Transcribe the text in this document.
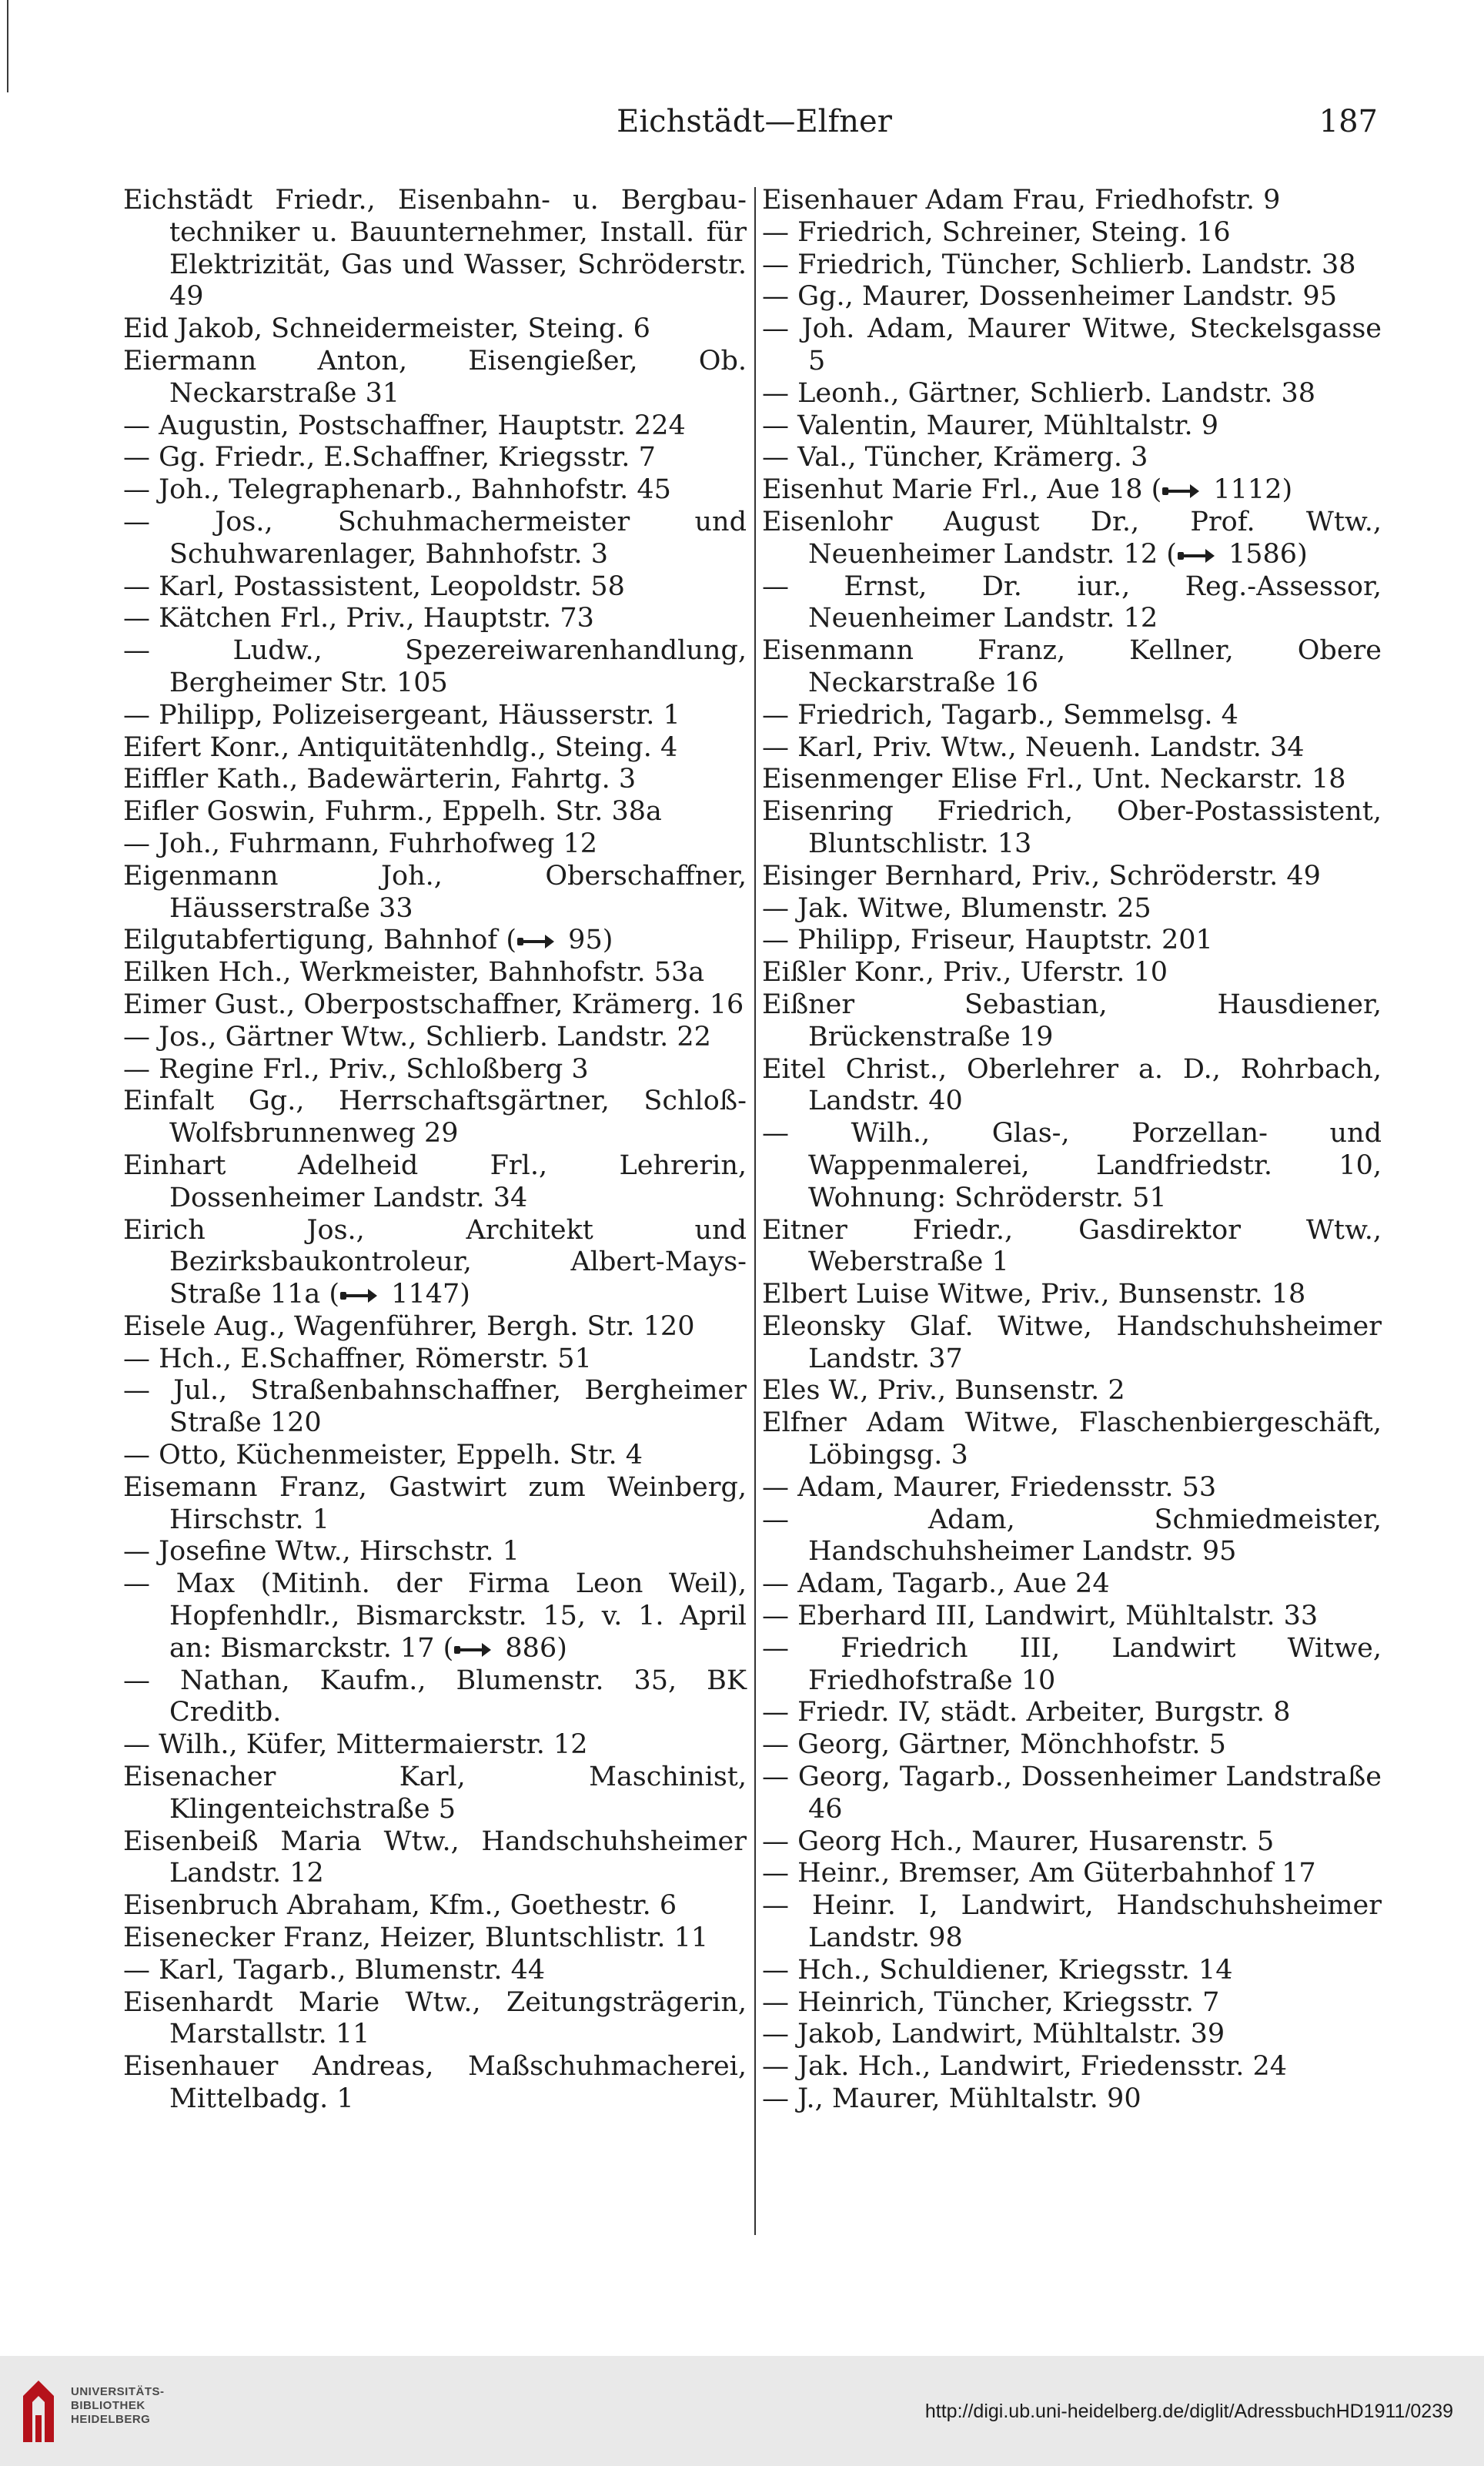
Eichstädt—Elfner	187
Eichstädt Friedr., Eisenbahn- u. Bergbau-techniker u. Bauunternehmer, Install. für Elektrizität, Gas und Wasser, Schröderstr. 49
Eid Jakob, Schneidermeister, Steing. 6
Eiermann Anton, Eisengießer, Ob. Neckarstraße 31
— Augustin, Postschaffner, Hauptstr. 224
— Gg. Friedr., E.Schaffner, Kriegsstr. 7
— Joh., Telegraphenarb., Bahnhofstr. 45
— Jos., Schuhmachermeister und Schuhwarenlager, Bahnhofstr. 3
— Karl, Postassistent, Leopoldstr. 58
— Kätchen Frl., Priv., Hauptstr. 73
— Ludw., Spezereiwarenhandlung, Bergheimer Str. 105
— Philipp, Polizeisergeant, Häusserstr. 1
Eifert Konr., Antiquitätenhdlg., Steing. 4
Eiffler Kath., Badewärterin, Fahrtg. 3
Eifler Goswin, Fuhrm., Eppelh. Str. 38a
— Joh., Fuhrmann, Fuhrhofweg 12
Eigenmann Joh., Oberschaffner, Häusserstraße 33
Eilgutabfertigung, Bahnhof ( 95)
Eilken Hch., Werkmeister, Bahnhofstr. 53a
Eimer Gust., Oberpostschaffner, Krämerg. 16
— Jos., Gärtner Wtw., Schlierb. Landstr. 22
— Regine Frl., Priv., Schloßberg 3
Einfalt Gg., Herrschaftsgärtner, Schloß-Wolfsbrunnenweg 29
Einhart Adelheid Frl., Lehrerin, Dossenheimer Landstr. 34
Eirich Jos., Architekt und Bezirksbaukontroleur, Albert-Mays-Straße 11a ( 1147)
Eisele Aug., Wagenführer, Bergh. Str. 120
— Hch., E.Schaffner, Römerstr. 51
— Jul., Straßenbahnschaffner, Bergheimer Straße 120
— Otto, Küchenmeister, Eppelh. Str. 4
Eisemann Franz, Gastwirt zum Weinberg, Hirschstr. 1
— Josefine Wtw., Hirschstr. 1
— Max (Mitinh. der Firma Leon Weil), Hopfenhdlr., Bismarckstr. 15, v. 1. April an: Bismarckstr. 17 ( 886)
— Nathan, Kaufm., Blumenstr. 35, BK Creditb.
— Wilh., Küfer, Mittermaierstr. 12
Eisenacher Karl, Maschinist, Klingenteichstraße 5
Eisenbeiß Maria Wtw., Handschuhsheimer Landstr. 12
Eisenbruch Abraham, Kfm., Goethestr. 6
Eisenecker Franz, Heizer, Bluntschlistr. 11
— Karl, Tagarb., Blumenstr. 44
Eisenhardt Marie Wtw., Zeitungsträgerin, Marstallstr. 11
Eisenhauer Andreas, Maßschuhmacherei, Mittelbadg. 1
Eisenhauer Adam Frau, Friedhofstr. 9
— Friedrich, Schreiner, Steing. 16
— Friedrich, Tüncher, Schlierb. Landstr. 38
— Gg., Maurer, Dossenheimer Landstr. 95
— Joh. Adam, Maurer Witwe, Steckelsgasse 5
— Leonh., Gärtner, Schlierb. Landstr. 38
— Valentin, Maurer, Mühltalstr. 9
— Val., Tüncher, Krämerg. 3
Eisenhut Marie Frl., Aue 18 ( 1112)
Eisenlohr August Dr., Prof. Wtw., Neuenheimer Landstr. 12 ( 1586)
— Ernst, Dr. iur., Reg.-Assessor, Neuenheimer Landstr. 12
Eisenmann Franz, Kellner, Obere Neckarstraße 16
— Friedrich, Tagarb., Semmelsg. 4
— Karl, Priv. Wtw., Neuenh. Landstr. 34
Eisenmenger Elise Frl., Unt. Neckarstr. 18
Eisenring Friedrich, Ober-Postassistent, Bluntschlistr. 13
Eisinger Bernhard, Priv., Schröderstr. 49
— Jak. Witwe, Blumenstr. 25
— Philipp, Friseur, Hauptstr. 201
Eißler Konr., Priv., Uferstr. 10
Eißner Sebastian, Hausdiener, Brückenstraße 19
Eitel Christ., Oberlehrer a. D., Rohrbach, Landstr. 40
— Wilh., Glas-, Porzellan- und Wappenmalerei, Landfriedstr. 10, Wohnung: Schröderstr. 51
Eitner Friedr., Gasdirektor Wtw., Weberstraße 1
Elbert Luise Witwe, Priv., Bunsenstr. 18
Eleonsky Glaf. Witwe, Handschuhsheimer Landstr. 37
Eles W., Priv., Bunsenstr. 2
Elfner Adam Witwe, Flaschenbiergeschäft, Löbingsg. 3
— Adam, Maurer, Friedensstr. 53
— Adam, Schmiedmeister, Handschuhsheimer Landstr. 95
— Adam, Tagarb., Aue 24
— Eberhard III, Landwirt, Mühltalstr. 33
— Friedrich III, Landwirt Witwe, Friedhofstraße 10
— Friedr. IV, städt. Arbeiter, Burgstr. 8
— Georg, Gärtner, Mönchhofstr. 5
— Georg, Tagarb., Dossenheimer Landstraße 46
— Georg Hch., Maurer, Husarenstr. 5
— Heinr., Bremser, Am Güterbahnhof 17
— Heinr. I, Landwirt, Handschuhsheimer Landstr. 98
— Hch., Schuldiener, Kriegsstr. 14
— Heinrich, Tüncher, Kriegsstr. 7
— Jakob, Landwirt, Mühltalstr. 39
— Jak. Hch., Landwirt, Friedensstr. 24
— J., Maurer, Mühltalstr. 90
UNIVERSITÄTS-
BIBLIOTHEK
HEIDELBERG	http://digi.ub.uni-heidelberg.de/diglit/AdressbuchHD1911/0239
